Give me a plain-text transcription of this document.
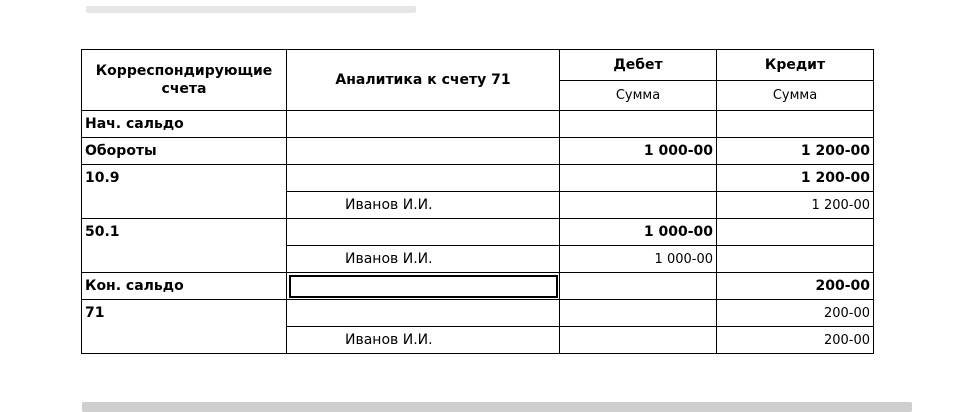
Корреспондирующие счета	Аналитика к счету 71	Дебет	Кредит
		Сумма	Сумма
Нач. сальдо			
Обороты		1 000-00	1 200-00
10.9			1 200-00
	Иванов И.И.		1 200-00
50.1		1 000-00	
	Иванов И.И.	1 000-00	
Кон. сальдо			200-00
71			200-00
	Иванов И.И.		200-00
